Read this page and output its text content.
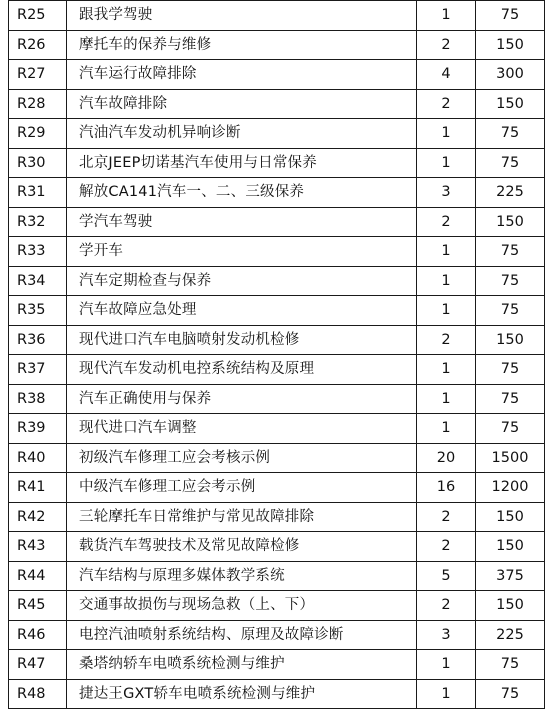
R25	跟我学驾驶	1	75
R26	摩托车的保养与维修	2	150
R27	汽车运行故障排除	4	300
R28	汽车故障排除	2	150
R29	汽油汽车发动机异响诊断	1	75
R30	北京JEEP切诺基汽车使用与日常保养	1	75
R31	解放CA141汽车一、二、三级保养	3	225
R32	学汽车驾驶	2	150
R33	学开车	1	75
R34	汽车定期检查与保养	1	75
R35	汽车故障应急处理	1	75
R36	现代进口汽车电脑喷射发动机检修	2	150
R37	现代汽车发动机电控系统结构及原理	1	75
R38	汽车正确使用与保养	1	75
R39	现代进口汽车调整	1	75
R40	初级汽车修理工应会考核示例	20	1500
R41	中级汽车修理工应会考示例	16	1200
R42	三轮摩托车日常维护与常见故障排除	2	150
R43	载货汽车驾驶技术及常见故障检修	2	150
R44	汽车结构与原理多媒体教学系统	5	375
R45	交通事故损伤与现场急救（上、下）	2	150
R46	电控汽油喷射系统结构、原理及故障诊断	3	225
R47	桑塔纳轿车电喷系统检测与维护	1	75
R48	捷达王GXT轿车电喷系统检测与维护	1	75
